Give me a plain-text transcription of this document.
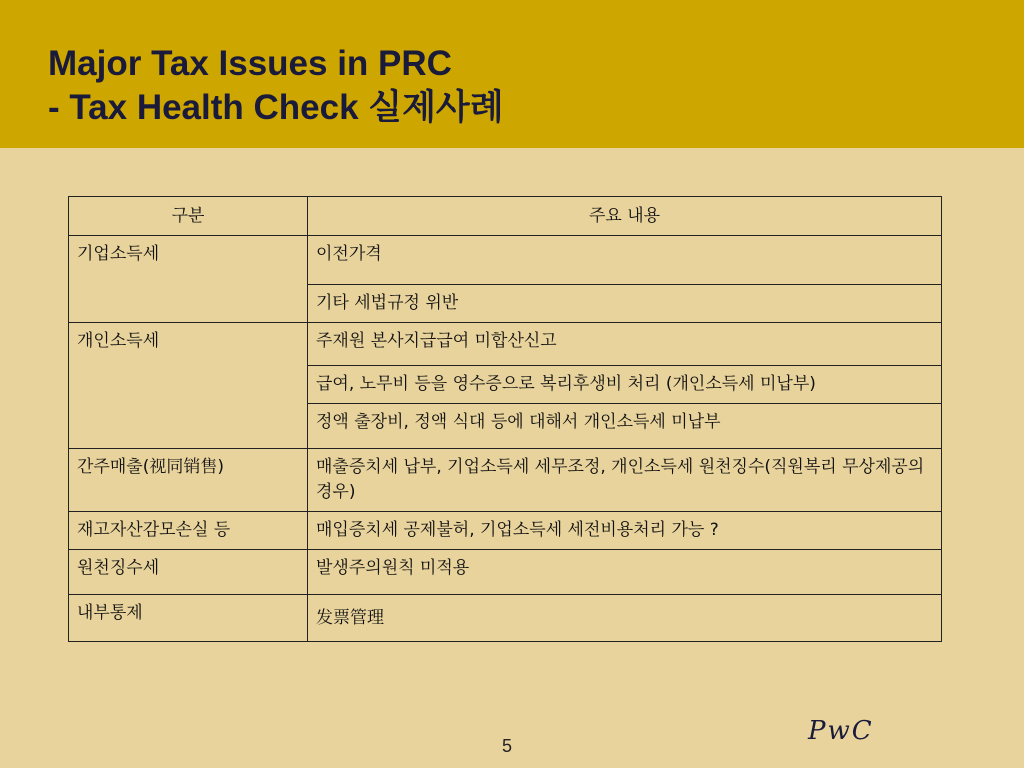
Major Tax Issues in PRC
- Tax Health Check 실제사례
구분	주요 내용
기업소득세	이전가격
	기타 세법규정 위반
개인소득세	주재원 본사지급급여 미합산신고
	급여, 노무비 등을 영수증으로 복리후생비 처리 (개인소득세 미납부)
	정액 출장비, 정액 식대 등에 대해서 개인소득세 미납부
간주매출(视同销售)	매출증치세 납부, 기업소득세 세무조정, 개인소득세 원천징수(직원복리 무상제공의 경우)
재고자산감모손실 등	매입증치세 공제불허, 기업소득세 세전비용처리 가능 ?
원천징수세	발생주의원칙 미적용
내부통제	发票管理
PwC
5
